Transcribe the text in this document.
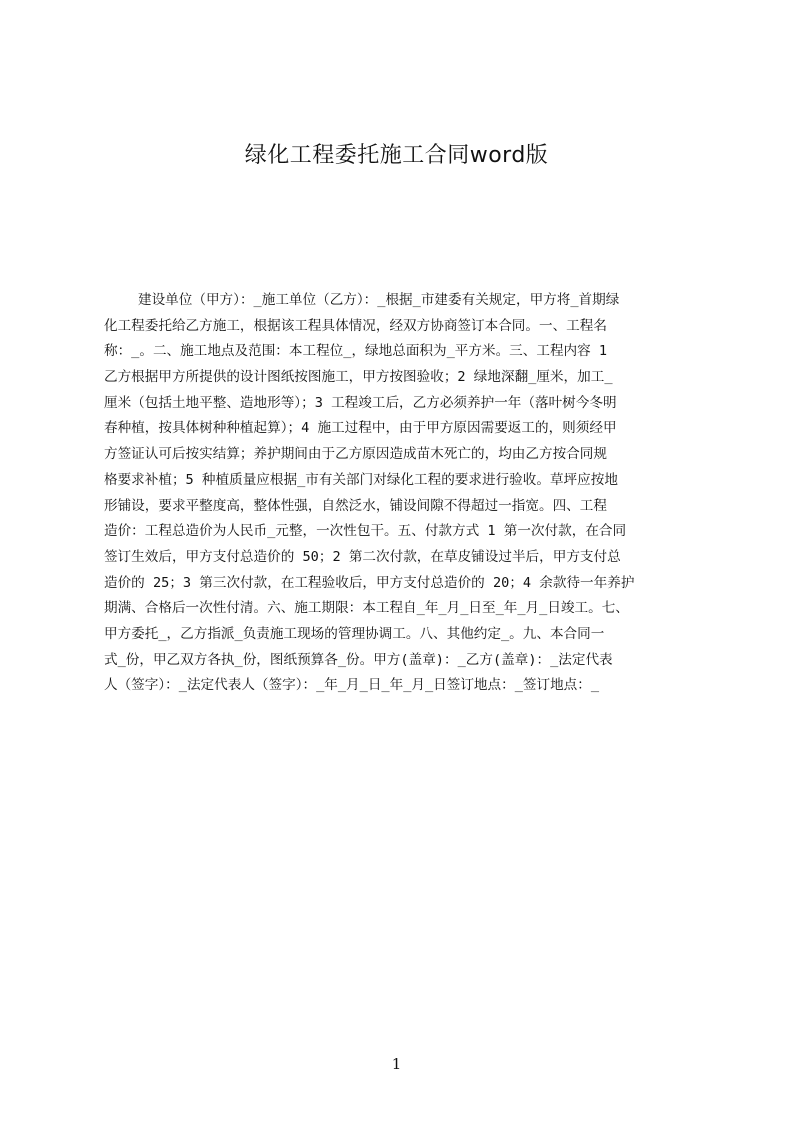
绿化工程委托施工合同word版
建设单位（甲方）：_施工单位（乙方）：_根据_市建委有关规定，甲方将_首期绿
化工程委托给乙方施工，根据该工程具体情况，经双方协商签订本合同。一、工程名
称：_。二、施工地点及范围：本工程位_，绿地总面积为_平方米。三、工程内容 1
乙方根据甲方所提供的设计图纸按图施工，甲方按图验收；2 绿地深翻_厘米，加工_
厘米（包括土地平整、造地形等）；3 工程竣工后，乙方必须养护一年（落叶树今冬明
春种植，按具体树种种植起算）；4 施工过程中，由于甲方原因需要返工的，则须经甲
方签证认可后按实结算；养护期间由于乙方原因造成苗木死亡的，均由乙方按合同规
格要求补植；5 种植质量应根据_市有关部门对绿化工程的要求进行验收。草坪应按地
形铺设，要求平整度高，整体性强，自然泛水，铺设间隙不得超过一指宽。四、工程
造价：工程总造价为人民币_元整，一次性包干。五、付款方式 1 第一次付款，在合同
签订生效后，甲方支付总造价的 50；2 第二次付款，在草皮铺设过半后，甲方支付总
造价的 25；3 第三次付款，在工程验收后，甲方支付总造价的 20；4 余款待一年养护
期满、合格后一次性付清。六、施工期限：本工程自_年_月_日至_年_月_日竣工。七、
甲方委托_，乙方指派_负责施工现场的管理协调工。八、其他约定_。九、本合同一
式_份，甲乙双方各执_份，图纸预算各_份。甲方(盖章)：_乙方(盖章)：_法定代表
人（签字）：_法定代表人（签字）：_年_月_日_年_月_日签订地点：_签订地点：_
1
